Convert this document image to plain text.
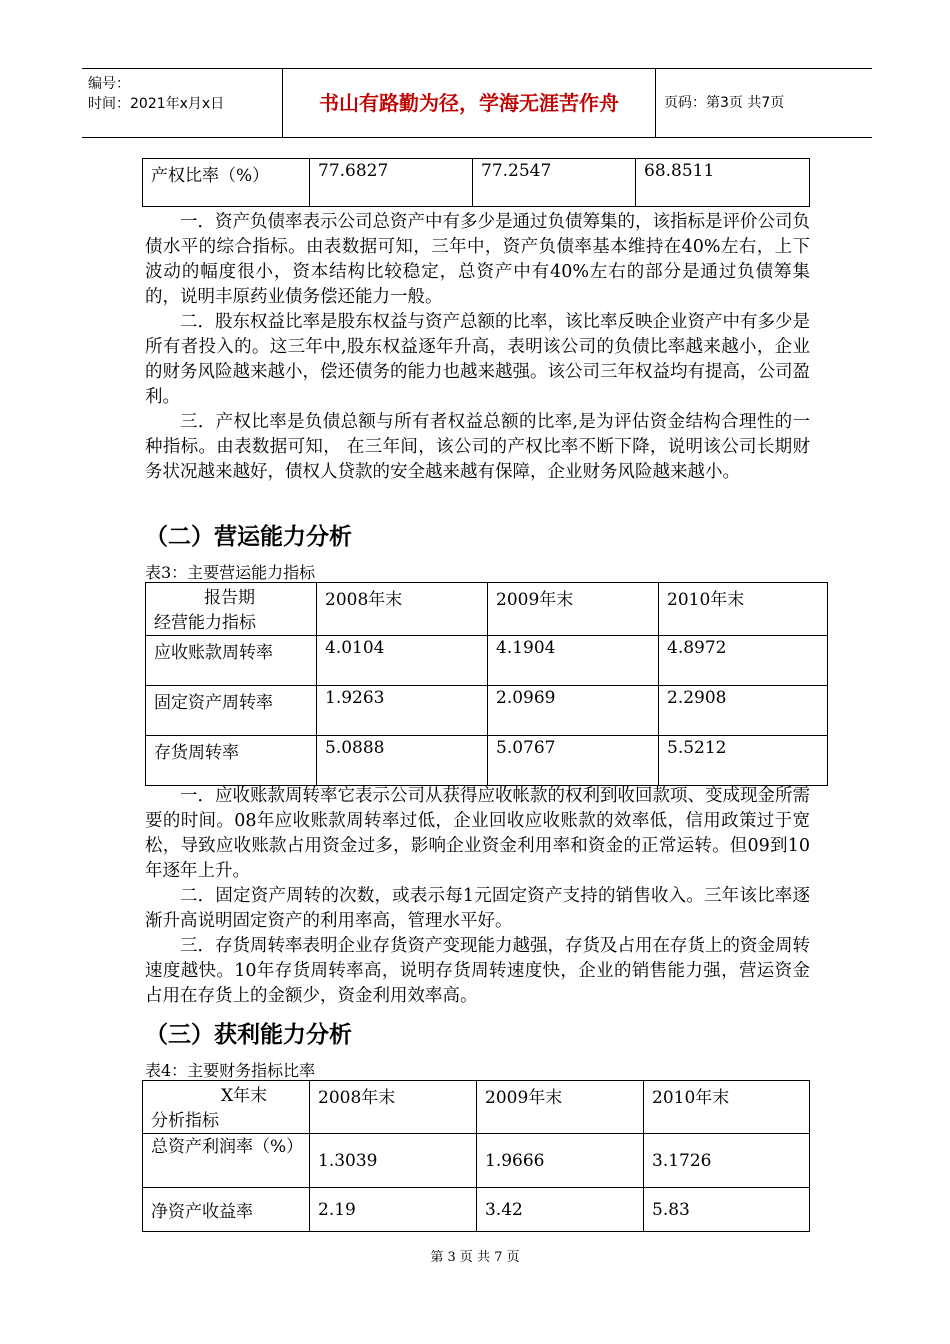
编号：
时间：2021年x月x日	书山有路勤为径，学海无涯苦作舟	页码：第3页 共7页
产权比率（%）	77.6827	77.2547	68.8511

一．资产负债率表示公司总资产中有多少是通过负债筹集的，该指标是评价公司负债水平的综合指标。由表数据可知，三年中，资产负债率基本维持在40%左右，上下波动的幅度很小，资本结构比较稳定，总资产中有40%左右的部分是通过负债筹集的，说明丰原药业债务偿还能力一般。

二．股东权益比率是股东权益与资产总额的比率，该比率反映企业资产中有多少是所有者投入的。这三年中,股东权益逐年升高，表明该公司的负债比率越来越小，企业的财务风险越来越小，偿还债务的能力也越来越强。该公司三年权益均有提高，公司盈利。

三．产权比率是负债总额与所有者权益总额的比率,是为评估资金结构合理性的一种指标。由表数据可知， 在三年间，该公司的产权比率不断下降，说明该公司长期财务状况越来越好，债权人贷款的安全越来越有保障，企业财务风险越来越小。

（二）营运能力分析

表3：主要营运能力指标

报告期
经营能力指标	2008年末	2009年末	2010年末
应收账款周转率	4.0104	4.1904	4.8972
固定资产周转率	1.9263	2.0969	2.2908
存货周转率	5.0888	5.0767	5.5212

一．应收账款周转率它表示公司从获得应收帐款的权利到收回款项、变成现金所需要的时间。08年应收账款周转率过低，企业回收应收账款的效率低，信用政策过于宽松，导致应收账款占用资金过多，影响企业资金利用率和资金的正常运转。但09到10年逐年上升。

二．固定资产周转的次数，或表示每1元固定资产支持的销售收入。三年该比率逐渐升高说明固定资产的利用率高，管理水平好。

三．存货周转率表明企业存货资产变现能力越强，存货及占用在存货上的资金周转速度越快。10年存货周转率高，说明存货周转速度快，企业的销售能力强，营运资金占用在存货上的金额少，资金利用效率高。

（三）获利能力分析

表4：主要财务指标比率

X年末
分析指标	2008年末	2009年末	2010年末
总资产利润率（%）	1.3039	1.9666	3.1726
净资产收益率	2.19	3.42	5.83
第 3 页 共 7 页
